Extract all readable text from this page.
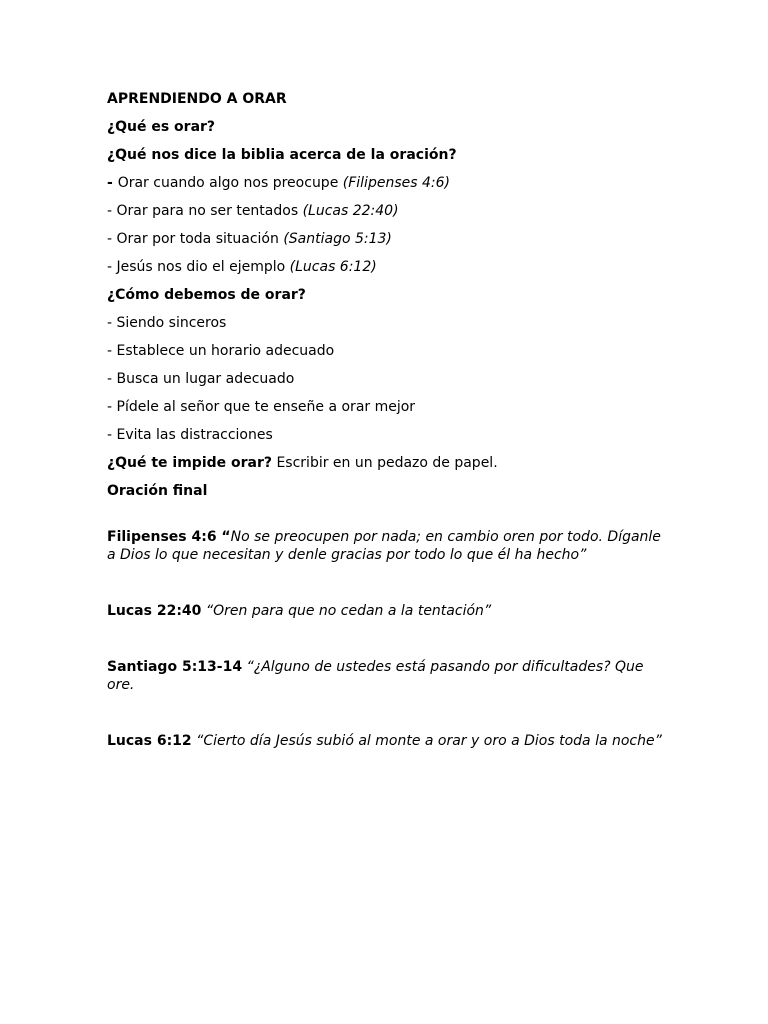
APRENDIENDO A ORAR

¿Qué es orar?

¿Qué nos dice la biblia acerca de la oración?

- Orar cuando algo nos preocupe (Filipenses 4:6)

- Orar para no ser tentados (Lucas 22:40)

- Orar por toda situación (Santiago 5:13)

- Jesús nos dio el ejemplo (Lucas 6:12)

¿Cómo debemos de orar?

- Siendo sinceros

- Establece un horario adecuado

- Busca un lugar adecuado

- Pídele al señor que te enseñe a orar mejor

- Evita las distracciones

¿Qué te impide orar? Escribir en un pedazo de papel.

Oración final

Filipenses 4:6 “No se preocupen por nada; en cambio oren por todo. Díganle a Dios lo que necesitan y denle gracias por todo lo que él ha hecho”

Lucas 22:40 “Oren para que no cedan a la tentación”

Santiago 5:13-14 “¿Alguno de ustedes está pasando por dificultades? Que ore.

Lucas 6:12 “Cierto día Jesús subió al monte a orar y oro a Dios toda la noche”
